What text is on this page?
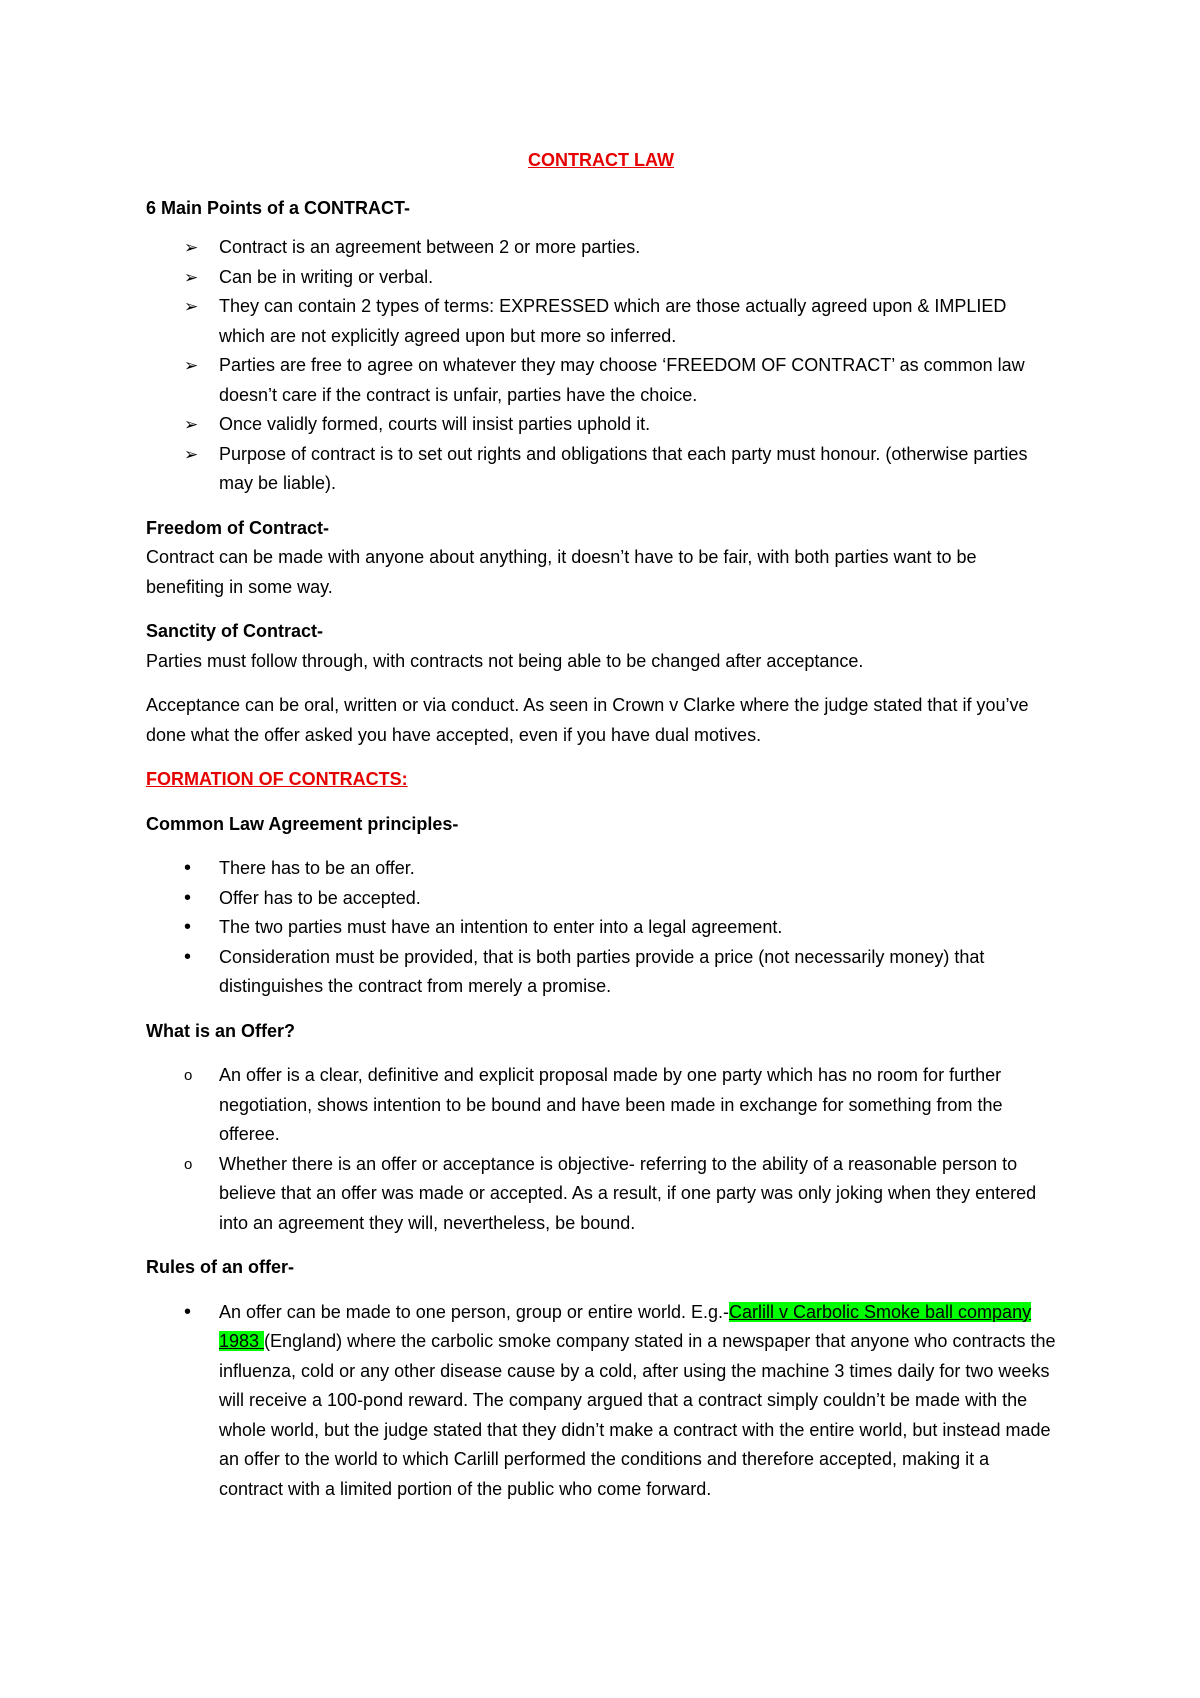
CONTRACT LAW
6 Main Points of a CONTRACT-
➢	Contract is an agreement between 2 or more parties.
➢	Can be in writing or verbal.
➢	They can contain 2 types of terms: EXPRESSED which are those actually agreed upon & IMPLIED which are not explicitly agreed upon but more so inferred.
➢	Parties are free to agree on whatever they may choose ‘FREEDOM OF CONTRACT’ as common law doesn’t care if the contract is unfair, parties have the choice.
➢	Once validly formed, courts will insist parties uphold it.
➢	Purpose of contract is to set out rights and obligations that each party must honour. (otherwise parties may be liable).
Freedom of Contract-

Contract can be made with anyone about anything, it doesn’t have to be fair, with both parties want to be benefiting in some way.

Sanctity of Contract-

Parties must follow through, with contracts not being able to be changed after acceptance.

Acceptance can be oral, written or via conduct. As seen in Crown v Clarke where the judge stated that if you’ve done what the offer asked you have accepted, even if you have dual motives.

FORMATION OF CONTRACTS:
Common Law Agreement principles-
•	There has to be an offer.
•	Offer has to be accepted.
•	The two parties must have an intention to enter into a legal agreement.
•	Consideration must be provided, that is both parties provide a price (not necessarily money) that distinguishes the contract from merely a promise.
What is an Offer?
o	An offer is a clear, definitive and explicit proposal made by one party which has no room for further negotiation, shows intention to be bound and have been made in exchange for something from the offeree.
o	Whether there is an offer or acceptance is objective- referring to the ability of a reasonable person to believe that an offer was made or accepted. As a result, if one party was only joking when they entered into an agreement they will, nevertheless, be bound.
Rules of an offer-
•	An offer can be made to one person, group or entire world. E.g.-Carlill v Carbolic Smoke ball company 1983 (England) where the carbolic smoke company stated in a newspaper that anyone who contracts the influenza, cold or any other disease cause by a cold, after using the machine 3 times daily for two weeks will receive a 100-pond reward. The company argued that a contract simply couldn’t be made with the whole world, but the judge stated that they didn’t make a contract with the entire world, but instead made an offer to the world to which Carlill performed the conditions and therefore accepted, making it a contract with a limited portion of the public who come forward.
